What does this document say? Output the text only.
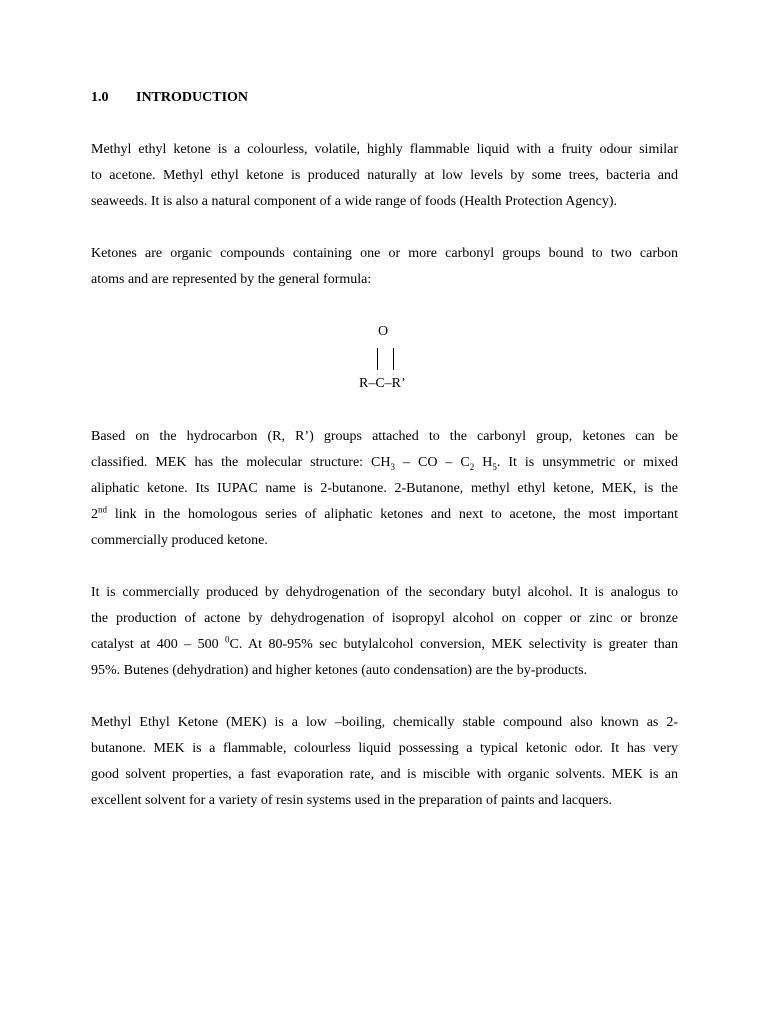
1.0 INTRODUCTION
Methyl ethyl ketone is a colourless, volatile, highly flammable liquid with a fruity odour similar
to acetone. Methyl ethyl ketone is produced naturally at low levels by some trees, bacteria and
seaweeds. It is also a natural component of a wide range of foods (Health Protection Agency).
Ketones are organic compounds containing one or more carbonyl groups bound to two carbon
atoms and are represented by the general formula:
O
R–C–R’
Based on the hydrocarbon (R, R’) groups attached to the carbonyl group, ketones can be
classified. MEK has the molecular structure: $CH_3$ – CO – $C_2$ $H_5$. It is unsymmetric or mixed
aliphatic ketone. Its IUPAC name is 2-butanone. 2-Butanone, methyl ethyl ketone, MEK, is the
2nd link in the homologous series of aliphatic ketones and next to acetone, the most important
commercially produced ketone.
It is commercially produced by dehydrogenation of the secondary butyl alcohol. It is analogus to
the production of actone by dehydrogenation of isopropyl alcohol on copper or zinc or bronze
catalyst at 400 – 500 $^0$C. At 80-95% sec butylalcohol conversion, MEK selectivity is greater than
95%. Butenes (dehydration) and higher ketones (auto condensation) are the by-products.
Methyl Ethyl Ketone (MEK) is a low –boiling, chemically stable compound also known as 2-
butanone. MEK is a flammable, colourless liquid possessing a typical ketonic odor. It has very
good solvent properties, a fast evaporation rate, and is miscible with organic solvents. MEK is an
excellent solvent for a variety of resin systems used in the preparation of paints and lacquers.
